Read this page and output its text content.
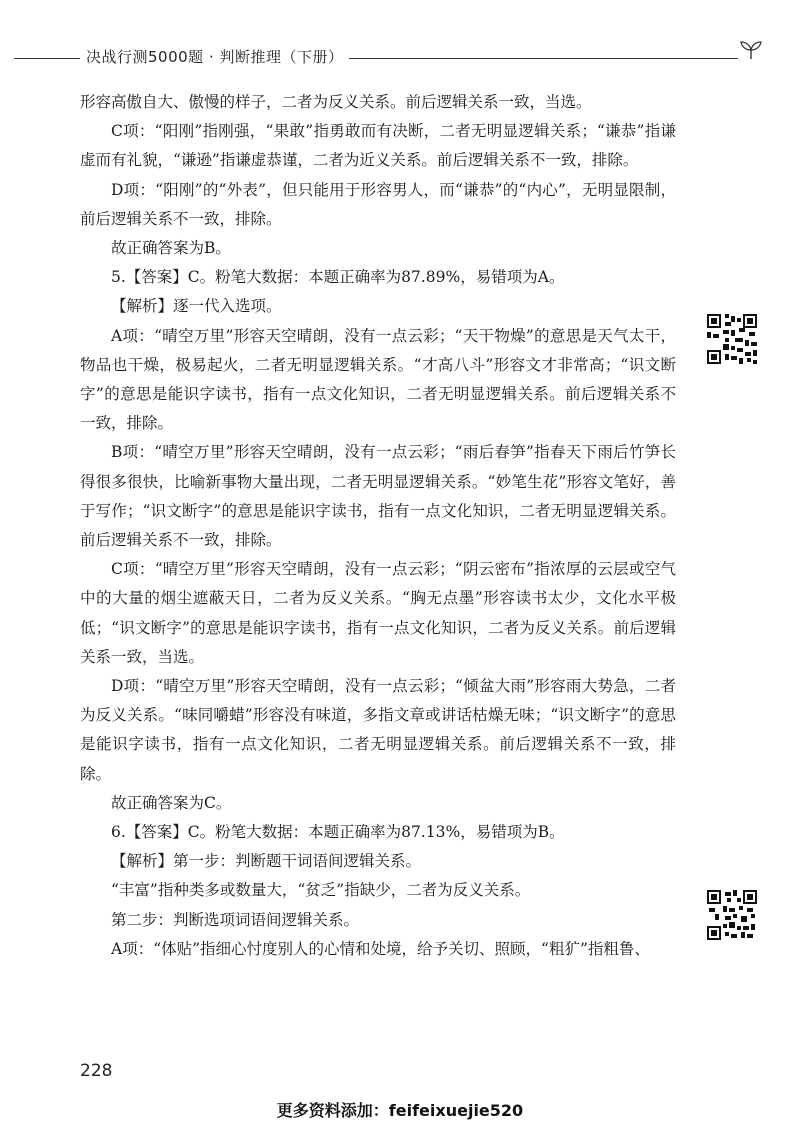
决战行测5000题 · 判断推理（下册）

形容高傲自大、傲慢的样子，二者为反义关系。前后逻辑关系一致，当选。

C项：“阳刚”指刚强，“果敢”指勇敢而有决断，二者无明显逻辑关系；“谦恭”指谦虚而有礼貌，“谦逊”指谦虚恭谨，二者为近义关系。前后逻辑关系不一致，排除。

D项：“阳刚”的“外表”，但只能用于形容男人，而“谦恭”的“内心”，无明显限制，前后逻辑关系不一致，排除。

故正确答案为B。

5.【答案】C。粉笔大数据：本题正确率为87.89%，易错项为A。

【解析】逐一代入选项。

A项：“晴空万里”形容天空晴朗，没有一点云彩；“天干物燥”的意思是天气太干，物品也干燥，极易起火，二者无明显逻辑关系。“才高八斗”形容文才非常高；“识文断字”的意思是能识字读书，指有一点文化知识，二者无明显逻辑关系。前后逻辑关系不一致，排除。

B项：“晴空万里”形容天空晴朗，没有一点云彩；“雨后春笋”指春天下雨后竹笋长得很多很快，比喻新事物大量出现，二者无明显逻辑关系。“妙笔生花”形容文笔好，善于写作；“识文断字”的意思是能识字读书，指有一点文化知识，二者无明显逻辑关系。前后逻辑关系不一致，排除。

C项：“晴空万里”形容天空晴朗，没有一点云彩；“阴云密布”指浓厚的云层或空气中的大量的烟尘遮蔽天日，二者为反义关系。“胸无点墨”形容读书太少，文化水平极低；“识文断字”的意思是能识字读书，指有一点文化知识，二者为反义关系。前后逻辑关系一致，当选。

D项：“晴空万里”形容天空晴朗，没有一点云彩；“倾盆大雨”形容雨大势急，二者为反义关系。“味同嚼蜡”形容没有味道，多指文章或讲话枯燥无味；“识文断字”的意思是能识字读书，指有一点文化知识，二者无明显逻辑关系。前后逻辑关系不一致，排除。

故正确答案为C。

6.【答案】C。粉笔大数据：本题正确率为87.13%，易错项为B。

【解析】第一步：判断题干词语间逻辑关系。

“丰富”指种类多或数量大，“贫乏”指缺少，二者为反义关系。

第二步：判断选项词语间逻辑关系。

A项：“体贴”指细心忖度别人的心情和处境，给予关切、照顾，“粗犷”指粗鲁、

228
更多资料添加：feifeixuejie520
